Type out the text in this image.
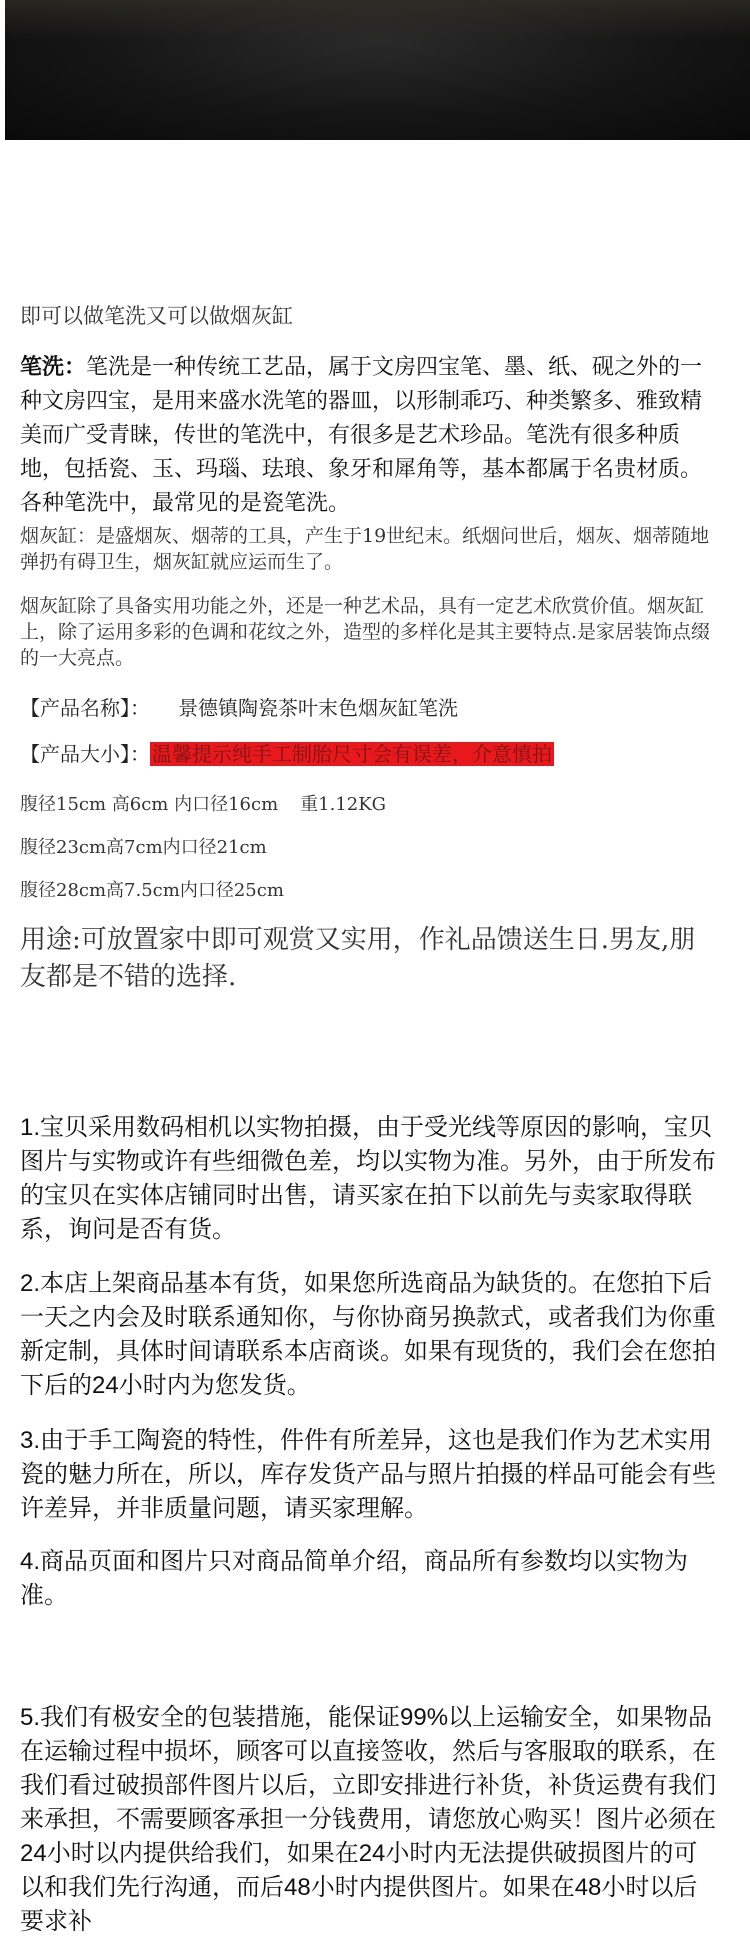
即可以做笔洗又可以做烟灰缸
笔洗：笔洗是一种传统工艺品，属于文房四宝笔、墨、纸、砚之外的一种文房四宝，是用来盛水洗笔的器皿，以形制乖巧、种类繁多、雅致精美而广受青睐，传世的笔洗中，有很多是艺术珍品。笔洗有很多种质地，包括瓷、玉、玛瑙、珐琅、象牙和犀角等，基本都属于名贵材质。各种笔洗中，最常见的是瓷笔洗。
烟灰缸：是盛烟灰、烟蒂的工具，产生于19世纪末。纸烟问世后，烟灰、烟蒂随地弹扔有碍卫生，烟灰缸就应运而生了。
烟灰缸除了具备实用功能之外，还是一种艺术品，具有一定艺术欣赏价值。烟灰缸上，除了运用多彩的色调和花纹之外，造型的多样化是其主要特点.是家居装饰点缀的一大亮点。
【产品名称】： 景德镇陶瓷茶叶末色烟灰缸笔洗
【产品大小】： 温馨提示纯手工制胎尺寸会有误差，介意慎拍
腹径15cm 高6cm 内口径16cm 重1.12KG
腹径23cm高7cm内口径21cm
腹径28cm高7.5cm内口径25cm
用途:可放置家中即可观赏又实用，作礼品馈送生日.男友,朋友都是不错的选择.
1.宝贝采用数码相机以实物拍摄，由于受光线等原因的影响，宝贝图片与实物或许有些细微色差，均以实物为准。另外，由于所发布的宝贝在实体店铺同时出售，请买家在拍下以前先与卖家取得联系，询问是否有货。
2.本店上架商品基本有货，如果您所选商品为缺货的。在您拍下后一天之内会及时联系通知你，与你协商另换款式，或者我们为你重新定制，具体时间请联系本店商谈。如果有现货的，我们会在您拍下后的24小时内为您发货。
3.由于手工陶瓷的特性，件件有所差异，这也是我们作为艺术实用瓷的魅力所在，所以，库存发货产品与照片拍摄的样品可能会有些许差异，并非质量问题，请买家理解。
4.商品页面和图片只对商品简单介绍，商品所有参数均以实物为准。
5.我们有极安全的包装措施，能保证99%以上运输安全，如果物品在运输过程中损坏，顾客可以直接签收，然后与客服取的联系，在我们看过破损部件图片以后，立即安排进行补货，补货运费有我们来承担，不需要顾客承担一分钱费用，请您放心购买！图片必须在24小时以内提供给我们，如果在24小时内无法提供破损图片的可以和我们先行沟通，而后48小时内提供图片。如果在48小时以后要求补
